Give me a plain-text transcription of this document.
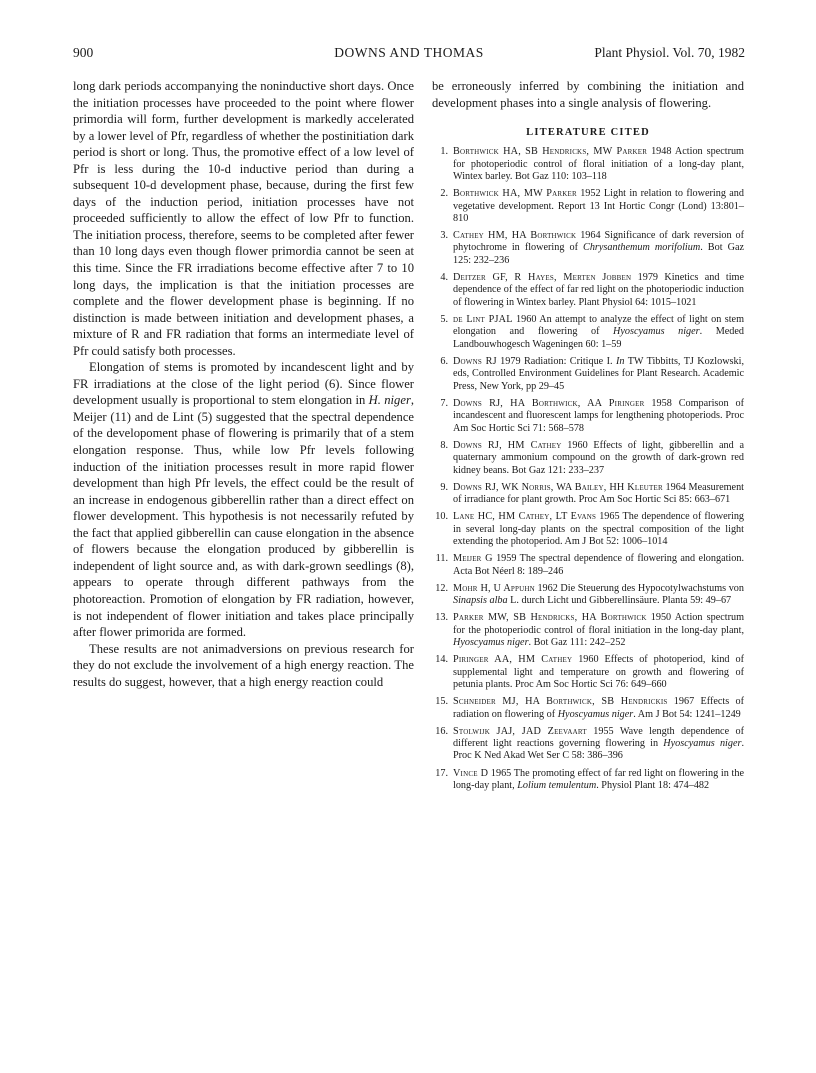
900	DOWNS AND THOMAS	Plant Physiol. Vol. 70, 1982

long dark periods accompanying the noninductive short days. Once the initiation processes have proceeded to the point where flower primordia will form, further development is markedly accelerated by a lower level of Pfr, regardless of whether the postinitiation dark period is short or long. Thus, the promotive effect of a low level of Pfr is less during the 10-d inductive period than during a subsequent 10-d development phase, because, during the first few days of the induction period, initiation processes have not proceeded sufficiently to allow the effect of low Pfr to function. The initiation process, therefore, seems to be completed after fewer than 10 long days even though flower primordia cannot be seen at this time. Since the FR irradiations become effective after 7 to 10 long days, the implication is that the initiation processes are complete and the flower development phase is beginning. If no distinction is made between initiation and development phases, a mixture of R and FR radiation that forms an intermediate level of Pfr could satisfy both processes.

Elongation of stems is promoted by incandescent light and by FR irradiations at the close of the light period (6). Since flower development usually is proportional to stem elongation in H. niger, Meijer (11) and de Lint (5) suggested that the spectral dependence of the developoment phase of flowering is primarily that of a stem elongation response. Thus, while low Pfr levels following induction of the initiation processes result in more rapid flower development than high Pfr levels, the effect could be the result of an increase in endogenous gibberellin rather than a direct effect on flower development. This hypothesis is not necessarily refuted by the fact that applied gibberellin can cause elongation in the absence of flowers because the elongation produced by gibberellin is independent of light source and, as with dark-grown seedlings (8), appears to operate through different pathways from the photoreaction. Promotion of elongation by FR radiation, however, is not independent of flower initiation and takes place principally after flower primorida are formed.

These results are not animadversions on previous research for they do not exclude the involvement of a high energy reaction. The results do suggest, however, that a high energy reaction could

be erroneously inferred by combining the initiation and development phases into a single analysis of flowering.

LITERATURE CITED
1. Borthwick HA, SB Hendricks, MW Parker 1948 Action spectrum for photoperiodic control of floral initiation of a long-day plant, Wintex barley. Bot Gaz 110: 103–118
2. Borthwick HA, MW Parker 1952 Light in relation to flowering and vegetative development. Report 13 Int Hortic Congr (Lond) 13:801–810
3. Cathey HM, HA Borthwick 1964 Significance of dark reversion of phytochrome in flowering of Chrysanthemum morifolium. Bot Gaz 125: 232–236
4. Deitzer GF, R Hayes, Merten Jobben 1979 Kinetics and time dependence of the effect of far red light on the photoperiodic induction of flowering in Wintex barley. Plant Physiol 64: 1015–1021
5. de Lint PJAL 1960 An attempt to analyze the effect of light on stem elongation and flowering of Hyoscyamus niger. Meded Landbouwhogesch Wageningen 60: 1–59
6. Downs RJ 1979 Radiation: Critique I. In TW Tibbitts, TJ Kozlowski, eds, Controlled Environment Guidelines for Plant Research. Academic Press, New York, pp 29–45
7. Downs RJ, HA Borthwick, AA Piringer 1958 Comparison of incandescent and fluorescent lamps for lengthening photoperiods. Proc Am Soc Hortic Sci 71: 568–578
8. Downs RJ, HM Cathey 1960 Effects of light, gibberellin and a quaternary ammonium compound on the growth of dark-grown red kidney beans. Bot Gaz 121: 233–237
9. Downs RJ, WK Norris, WA Bailey, HH Kleuter 1964 Measurement of irradiance for plant growth. Proc Am Soc Hortic Sci 85: 663–671
10. Lane HC, HM Cathey, LT Evans 1965 The dependence of flowering in several long-day plants on the spectral composition of the light extending the photoperiod. Am J Bot 52: 1006–1014
11. Meijer G 1959 The spectral dependence of flowering and elongation. Acta Bot Néerl 8: 189–246
12. Mohr H, U Appuhn 1962 Die Steuerung des Hypocotylwachstums von Sinapsis alba L. durch Licht und Gibberellinsäure. Planta 59: 49–67
13. Parker MW, SB Hendricks, HA Borthwick 1950 Action spectrum for the photoperiodic control of floral initiation in the long-day plant, Hyoscyamus niger. Bot Gaz 111: 242–252
14. Piringer AA, HM Cathey 1960 Effects of photoperiod, kind of supplemental light and temperature on growth and flowering of petunia plants. Proc Am Soc Hortic Sci 76: 649–660
15. Schneider MJ, HA Borthwick, SB Hendrickis 1967 Effects of radiation on flowering of Hyoscyamus niger. Am J Bot 54: 1241–1249
16. Stolwijk JAJ, JAD Zeevaart 1955 Wave length dependence of different light reactions governing flowering in Hyoscyamus niger. Proc K Ned Akad Wet Ser C 58: 386–396
17. Vince D 1965 The promoting effect of far red light on flowering in the long-day plant, Lolium temulentum. Physiol Plant 18: 474–482
